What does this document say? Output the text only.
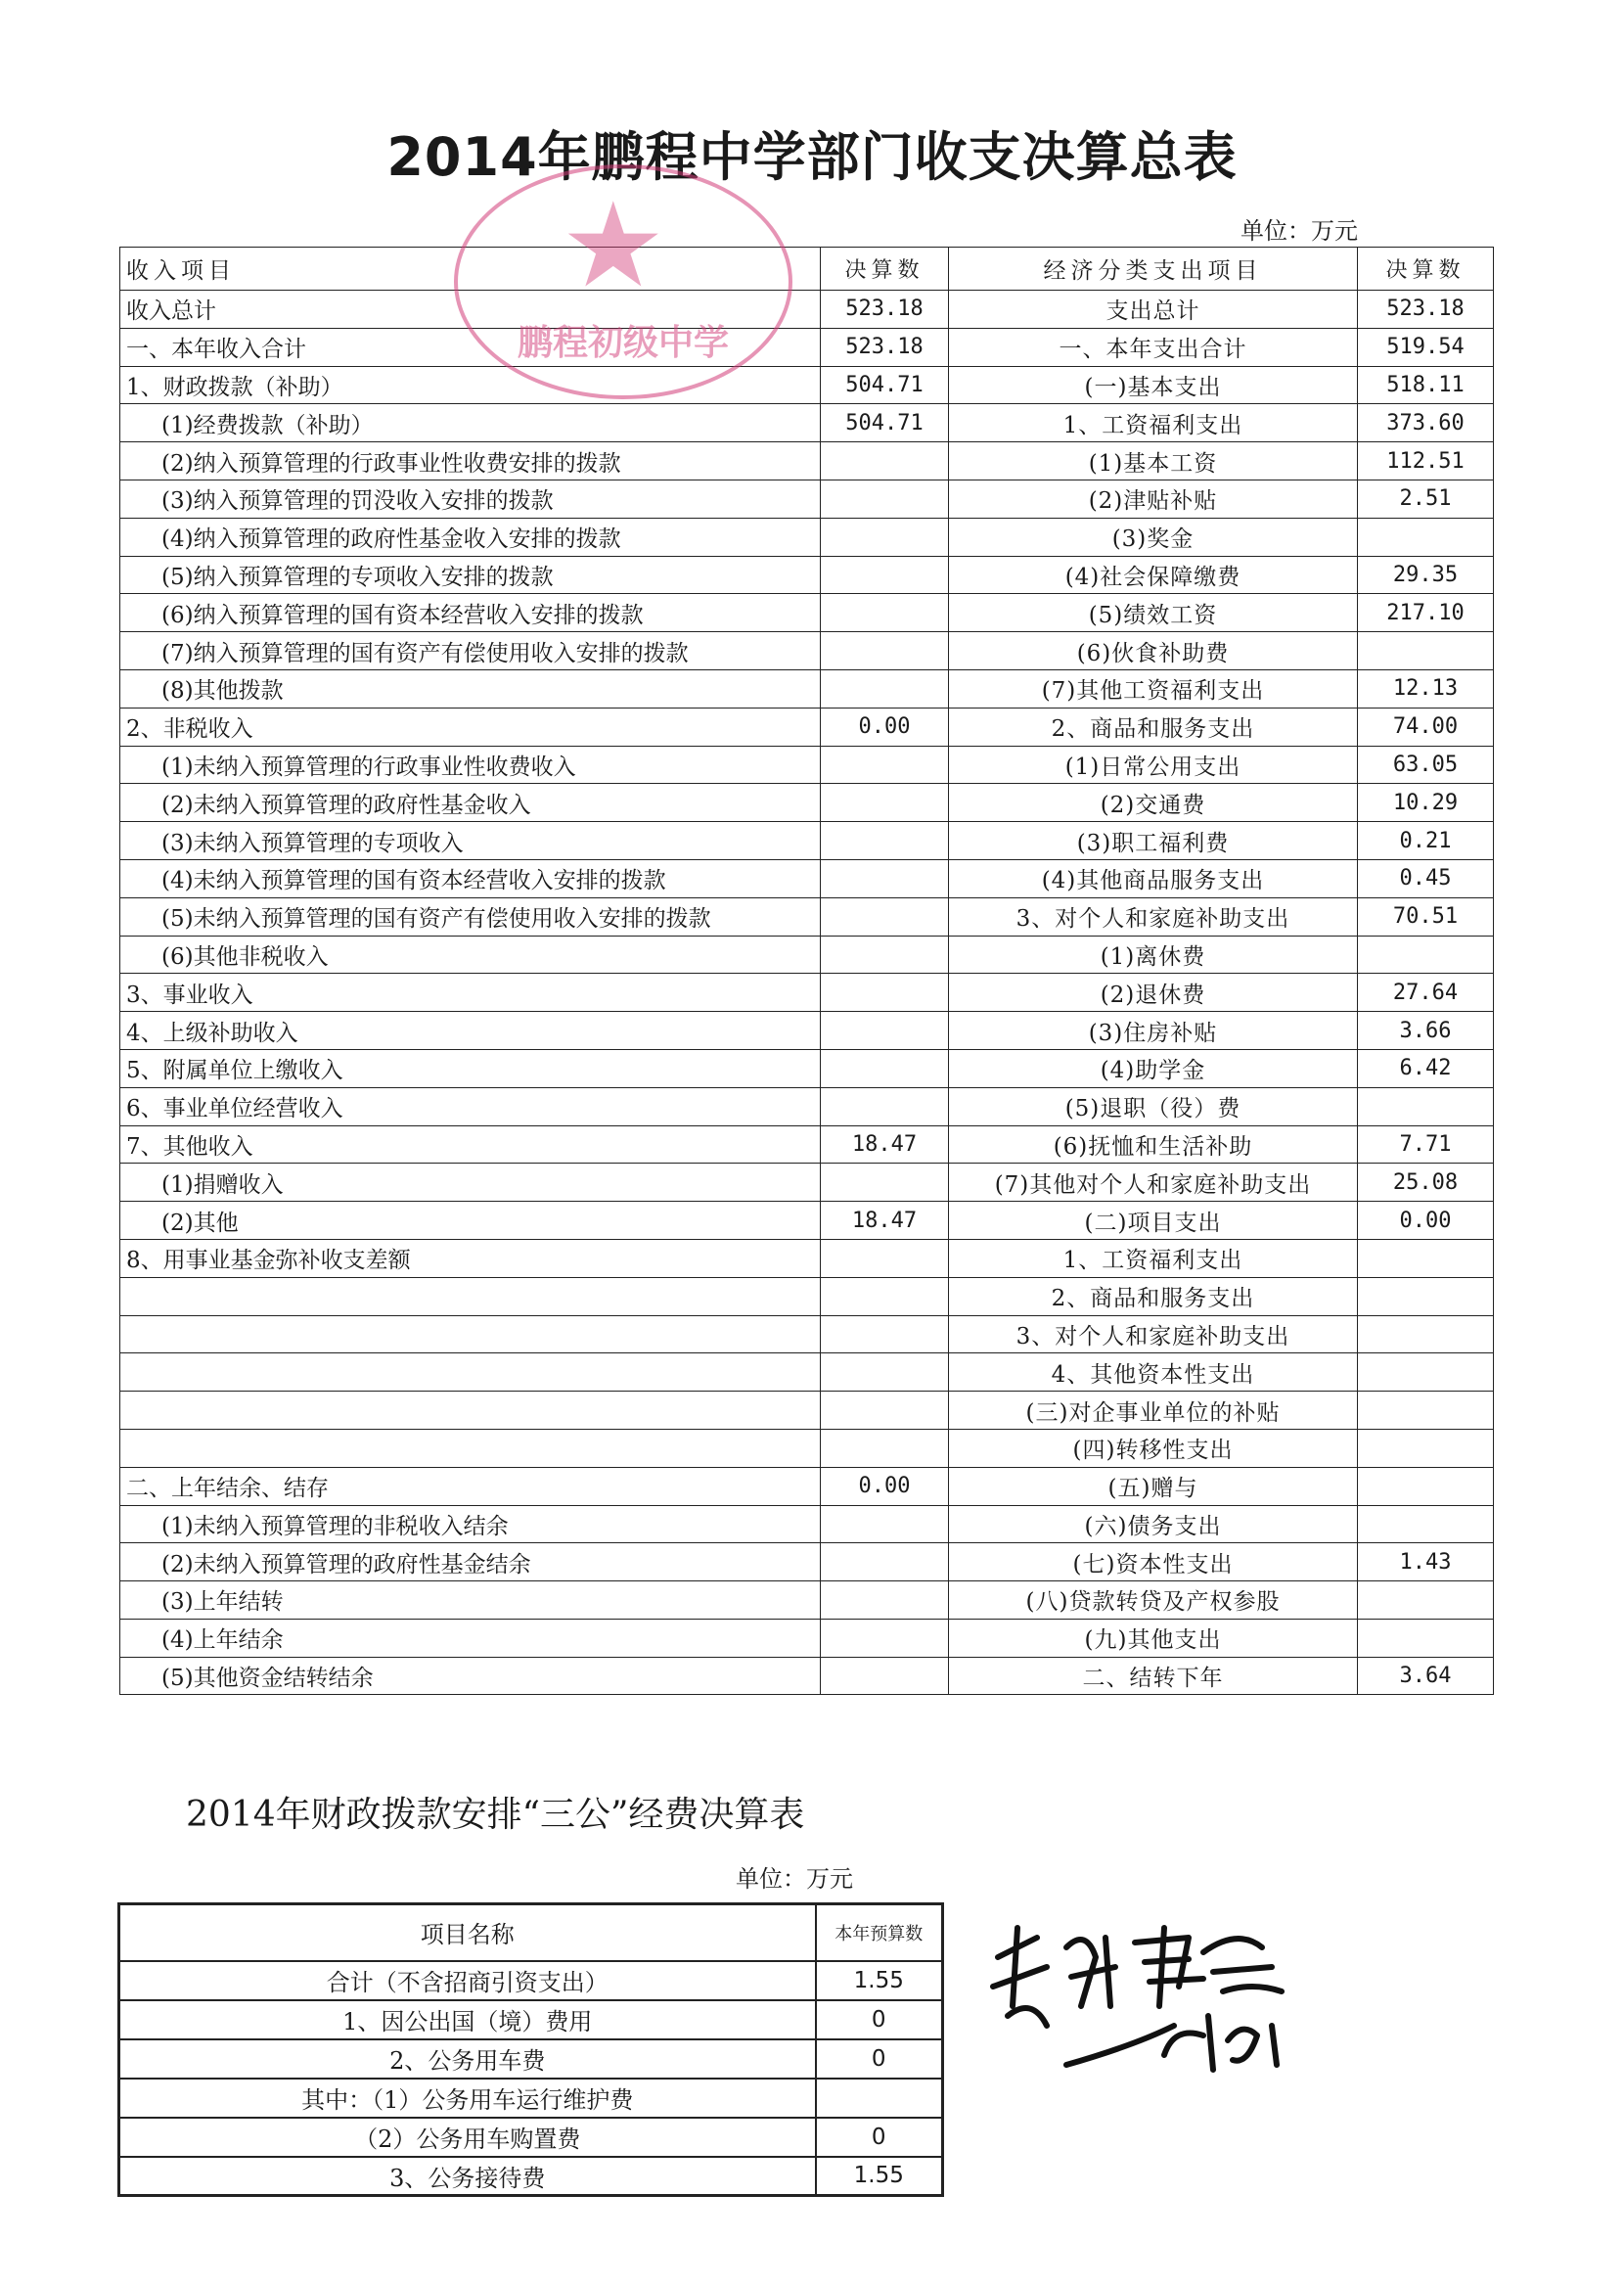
2014年鹏程中学部门收支决算总表
单位：万元
收入项目	决算数	经济分类支出项目	决算数
收入总计	523.18	支出总计	523.18
一、本年收入合计	523.18	一、本年支出合计	519.54
1、财政拨款（补助）	504.71	(一)基本支出	518.11
(1)经费拨款（补助）	504.71	1、工资福利支出	373.60
(2)纳入预算管理的行政事业性收费安排的拨款		(1)基本工资	112.51
(3)纳入预算管理的罚没收入安排的拨款		(2)津贴补贴	2.51
(4)纳入预算管理的政府性基金收入安排的拨款		(3)奖金	
(5)纳入预算管理的专项收入安排的拨款		(4)社会保障缴费	29.35
(6)纳入预算管理的国有资本经营收入安排的拨款		(5)绩效工资	217.10
(7)纳入预算管理的国有资产有偿使用收入安排的拨款		(6)伙食补助费	
(8)其他拨款		(7)其他工资福利支出	12.13
2、非税收入	0.00	2、商品和服务支出	74.00
(1)未纳入预算管理的行政事业性收费收入		(1)日常公用支出	63.05
(2)未纳入预算管理的政府性基金收入		(2)交通费	10.29
(3)未纳入预算管理的专项收入		(3)职工福利费	0.21
(4)未纳入预算管理的国有资本经营收入安排的拨款		(4)其他商品服务支出	0.45
(5)未纳入预算管理的国有资产有偿使用收入安排的拨款		3、对个人和家庭补助支出	70.51
(6)其他非税收入		(1)离休费	
3、事业收入		(2)退休费	27.64
4、上级补助收入		(3)住房补贴	3.66
5、附属单位上缴收入		(4)助学金	6.42
6、事业单位经营收入		(5)退职（役）费	
7、其他收入	18.47	(6)抚恤和生活补助	7.71
(1)捐赠收入		(7)其他对个人和家庭补助支出	25.08
(2)其他	18.47	(二)项目支出	0.00
8、用事业基金弥补收支差额		1、工资福利支出	
		2、商品和服务支出	
		3、对个人和家庭补助支出	
		4、其他资本性支出	
		(三)对企事业单位的补贴	
		(四)转移性支出	
二、上年结余、结存	0.00	(五)赠与	
(1)未纳入预算管理的非税收入结余		(六)债务支出	
(2)未纳入预算管理的政府性基金结余		(七)资本性支出	1.43
(3)上年结转		(八)贷款转贷及产权参股	
(4)上年结余		(九)其他支出	
(5)其他资金结转结余		二、结转下年	3.64
★
鹏程初级中学
2014年财政拨款安排“三公”经费决算表
单位：万元
项目名称	本年预算数
合计（不含招商引资支出）	1.55
1、因公出国（境）费用	0
2、公务用车费	0
其中：（1）公务用车运行维护费	
（2）公务用车购置费	0
3、公务接待费	1.55
